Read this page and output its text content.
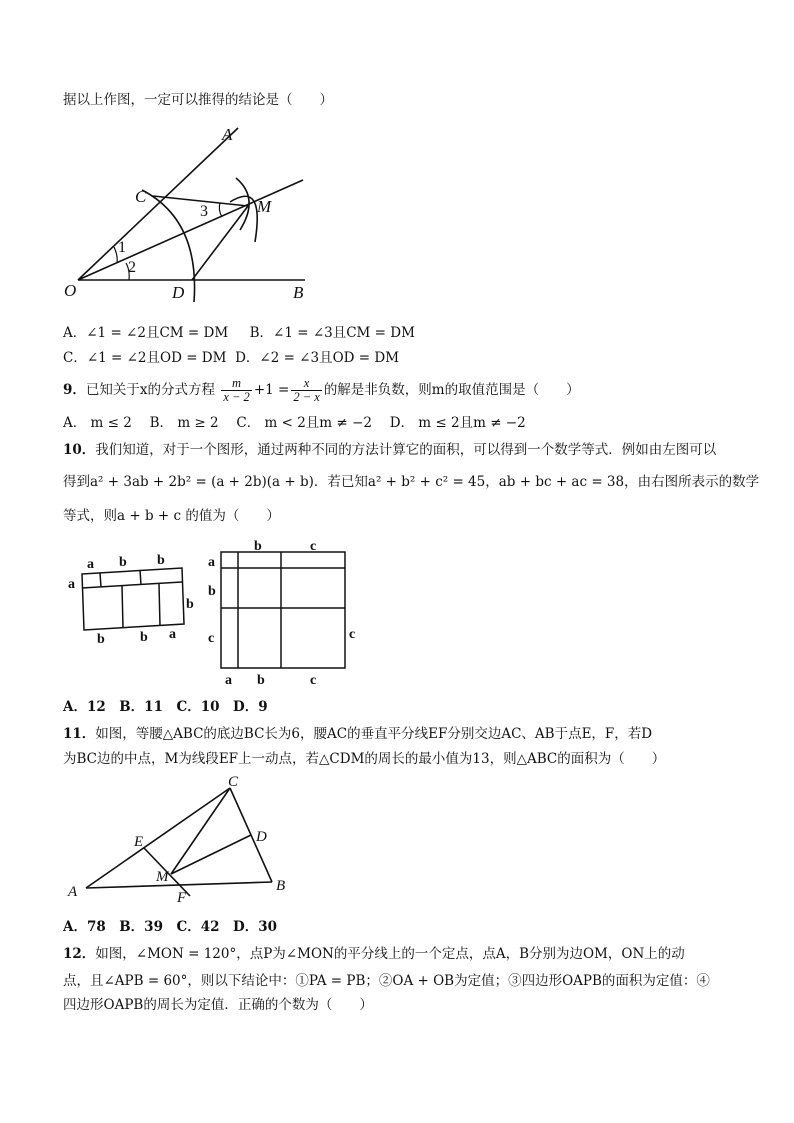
据以上作图，一定可以推得的结论是（　　）
A
C
M
O	D	B
1
2
3
A．∠1 = ∠2且CM = DM B．∠1 = ∠3且CM = DM
C．∠1 = ∠2且OD = DM D．∠2 = ∠3且OD = DM
9．已知关于x的分式方程 $\frac{m}{x - 2} +1 = \frac{x}{2 - x}$ 的解是非负数，则m的取值范围是（　　）
A． m ≤ 2　 B． m ≥ 2　 C． m < 2且m ≠ −2　 D． m ≤ 2且m ≠ −2
10．我们知道，对于一个图形，通过两种不同的方法计算它的面积，可以得到一个数学等式．例如由左图可以
得到a² + 3ab + 2b² = (a + 2b)(a + b)．若已知a² + b² + c² = 45，ab + bc + ac = 38，由右图所表示的数学
等式，则a + b + c 的值为（　　）
a b b
a
b
b	b a
b	c
a
b
c	c
a b	c
A．12　B．11　C．10　D．9
11．如图，等腰△ABC的底边BC长为6，腰AC的垂直平分线EF分别交边AC、AB于点E，F，若D
为BC边的中点，M为线段EF上一动点，若△CDM的周长的最小值为13，则△ABC的面积为（　　）
C
E	D
M
A	B
F
A．78　B．39　C．42　D．30
12．如图，∠MON = 120°，点P为∠MON的平分线上的一个定点，点A，B分别为边OM，ON上的动
点，且∠APB = 60°，则以下结论中：①PA = PB；②OA + OB为定值；③四边形OAPB的面积为定值：④
四边形OAPB的周长为定值．正确的个数为（　　）
